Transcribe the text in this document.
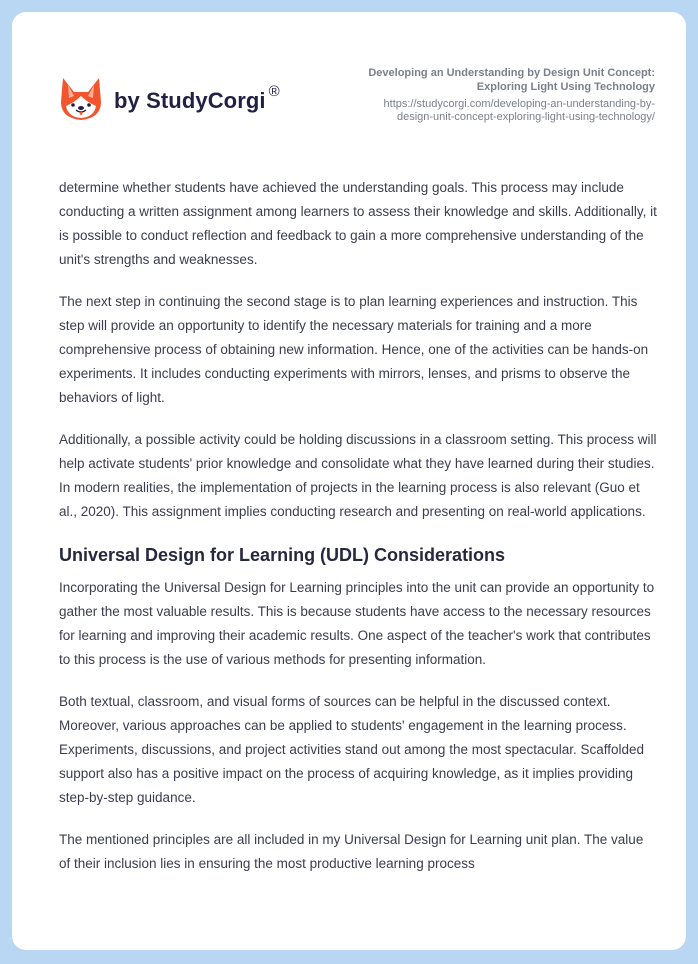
by StudyCorgi ®
Developing an Understanding by Design Unit Concept:
Exploring Light Using Technology
https://studycorgi.com/developing-an-understanding-by-
design-unit-concept-exploring-light-using-technology/

determine whether students have achieved the understanding goals. This process may include conducting a written assignment among learners to assess their knowledge and skills. Additionally, it is possible to conduct reflection and feedback to gain a more comprehensive understanding of the unit's strengths and weaknesses.

The next step in continuing the second stage is to plan learning experiences and instruction. This step will provide an opportunity to identify the necessary materials for training and a more comprehensive process of obtaining new information. Hence, one of the activities can be hands-on experiments. It includes conducting experiments with mirrors, lenses, and prisms to observe the behaviors of light.

Additionally, a possible activity could be holding discussions in a classroom setting. This process will help activate students' prior knowledge and consolidate what they have learned during their studies. In modern realities, the implementation of projects in the learning process is also relevant (Guo et al., 2020). This assignment implies conducting research and presenting on real-world applications.

Universal Design for Learning (UDL) Considerations

Incorporating the Universal Design for Learning principles into the unit can provide an opportunity to gather the most valuable results. This is because students have access to the necessary resources for learning and improving their academic results. One aspect of the teacher's work that contributes to this process is the use of various methods for presenting information.

Both textual, classroom, and visual forms of sources can be helpful in the discussed context. Moreover, various approaches can be applied to students' engagement in the learning process. Experiments, discussions, and project activities stand out among the most spectacular. Scaffolded support also has a positive impact on the process of acquiring knowledge, as it implies providing step-by-step guidance.

The mentioned principles are all included in my Universal Design for Learning unit plan. The value of their inclusion lies in ensuring the most productive learning process
